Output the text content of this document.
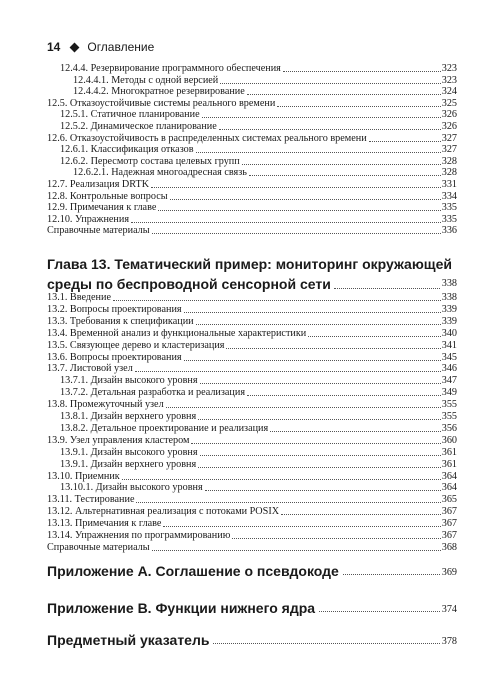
14 Оглавление
12.4.4. Резервирование программного обеспечения	323
12.4.4.1. Методы с одной версией	323
12.4.4.2. Многократное резервирование	324
12.5. Отказоустойчивые системы реального времени	325
12.5.1. Статичное планирование	326
12.5.2. Динамическое планирование	326
12.6. Отказоустойчивость в распределенных системах реального времени	327
12.6.1. Классификация отказов	327
12.6.2. Пересмотр состава целевых групп	328
12.6.2.1. Надежная многоадресная связь	328
12.7. Реализация DRTK	331
12.8. Контрольные вопросы	334
12.9. Примечания к главе	335
12.10. Упражнения	335
Справочные материалы	336
Глава 13. Тематический пример: мониторинг окружающей
среды по беспроводной сенсорной сети	338
13.1. Введение	338
13.2. Вопросы проектирования	339
13.3. Требования к спецификации	339
13.4. Временной анализ и функциональные характеристики	340
13.5. Связующее дерево и кластеризация	341
13.6. Вопросы проектирования	345
13.7. Листовой узел	346
13.7.1. Дизайн высокого уровня	347
13.7.2. Детальная разработка и реализация	349
13.8. Промежуточный узел	355
13.8.1. Дизайн верхнего уровня	355
13.8.2. Детальное проектирование и реализация	356
13.9. Узел управления кластером	360
13.9.1. Дизайн высокого уровня	361
13.9.1. Дизайн верхнего уровня	361
13.10. Приемник	364
13.10.1. Дизайн высокого уровня	364
13.11. Тестирование	365
13.12. Альтернативная реализация с потоками POSIX	367
13.13. Примечания к главе	367
13.14. Упражнения по программированию	367
Справочные материалы	368
Приложение А. Соглашение о псевдокоде	369
Приложение В. Функции нижнего ядра	374
Предметный указатель	378
